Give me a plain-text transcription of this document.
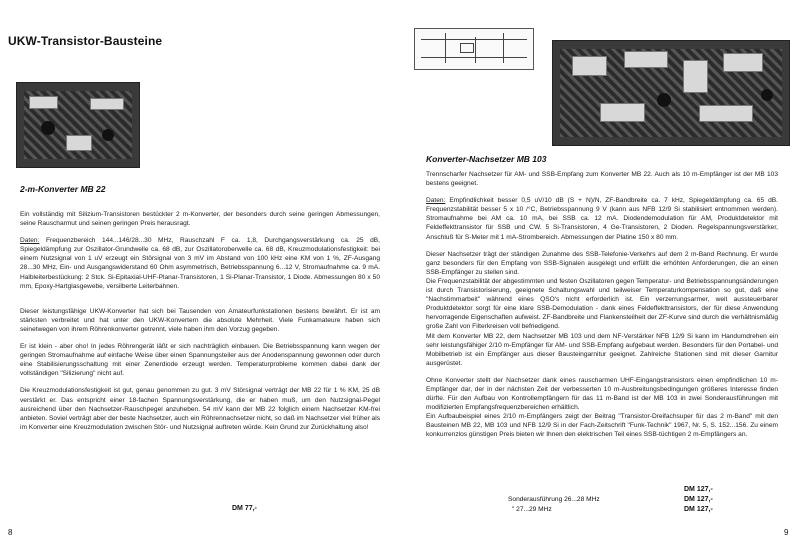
UKW-Transistor-Bausteine
2-m-Konverter MB 22

Ein vollständig mit Silizium-Transistoren bestückter 2 m-Konverter, der besonders durch seine geringen Abmessungen, seine Rauscharmut und seinen geringen Preis herausragt.

Daten: Frequenzbereich 144...146/28...30 MHz, Rauschzahl F ca. 1,8, Durchgangsverstärkung ca. 25 dB, Spiegeldämpfung zur Oszillator-Grundwelle ca. 68 dB, zur Oszillatoroberwelle ca. 68 dB, Kreuzmodulationsfestigkeit: bei einem Nutzsignal von 1 uV erzeugt ein Störsignal von 3 mV im Abstand von 100 kHz eine KM von 1 %, ZF-Ausgang 28...30 MHz, Ein- und Ausgangswiderstand 60 Ohm asymmetrisch, Betriebsspannung 6...12 V, Stromaufnahme ca. 9 mA. Halbleiterbestückung: 2 Stck. Si-Epitaxial-UHF-Planar-Transistoren, 1 Si-Planar-Transistor, 1 Diode. Abmessungen 80 x 50 mm, Epoxy-Hartglasgewebe, versilberte Leiterbahnen.

Dieser leistungsfähige UKW-Konverter hat sich bei Tausenden von Amateurfunkstationen bestens bewährt. Er ist am stärksten verbreitet und hat unter den UKW-Konvertern die absolute Mehrheit. Viele Funkamateure haben sich seinetwegen von ihrem Röhrenkonverter getrennt, viele haben ihm den Vorzug gegeben.

Er ist klein - aber oho! In jedes Röhrengerät läßt er sich nachträglich einbauen. Die Betriebsspannung kann wegen der geringen Stromaufnahme auf einfache Weise über einen Spannungsteiler aus der Anodenspannung gewonnen oder durch eine Stabilisierungsschaltung mit einer Zenerdiode erzeugt werden. Temperaturprobleme kommen dabei dank der vollständigen "Silizierung" nicht auf.

Die Kreuzmodulationsfestigkeit ist gut, genau genommen zu gut. 3 mV Störsignal verträgt der MB 22 für 1 % KM, 25 dB verstärkt er. Das entspricht einer 18-fachen Spannungsverstärkung, die er haben muß, um den Nutzsignal-Pegel ausreichend über den Nachsetzer-Rauschpegel anzuheben. 54 mV kann der MB 22 folglich einem Nachsetzer KM-frei anbieten. Soviel verträgt aber der beste Nachsetzer, auch ein Röhrennachsetzer nicht, so daß im Nachsetzer viel früher als im Konverter eine Kreuzmodulation zwischen Stör- und Nutzsignal auftreten würde. Kein Grund zur Zurückhaltung also!

DM 77,-
8
Konverter-Nachsetzer MB 103

Trennscharfer Nachsetzer für AM- und SSB-Empfang zum Konverter MB 22. Auch als 10 m-Empfänger ist der MB 103 bestens geeignet.

Daten: Empfindlichkeit besser 0,5 uV/10 dB (S + N)/N, ZF-Bandbreite ca. 7 kHz, Spiegeldämpfung ca. 65 dB. Frequenzstabilität besser 5 x 10 /°C, Betriebsspannung 9 V (kann aus NFB 12/9 Si stabilisiert entnommen werden). Stromaufnahme bei AM ca. 10 mA, bei SSB ca. 12 mA. Diodendemodulation für AM, Produktdetektor mit Feldeffekttransistor für SSB und CW. 5 Si-Transistoren, 4 Ge-Transistoren, 2 Dioden. Regelspannungsverstärker, Anschluß für S-Meter mit 1 mA-Strombereich. Abmessungen der Platine 150 x 80 mm.

Dieser Nachsetzer trägt der ständigen Zunahme des SSB-Telefonie-Verkehrs auf dem 2 m-Band Rechnung. Er wurde ganz besonders für den Empfang von SSB-Signalen ausgelegt und erfüllt die erhöhten Anforderungen, die an einen SSB-Empfänger zu stellen sind.

Die Frequenzstabilität der abgestimmten und festen Oszillatoren gegen Temperatur- und Betriebsspannungsänderungen ist durch Transistorisierung, geeignete Schaltungswahl und teilweiser Temperaturkompensation so gut, daß eine "Nachstimmarbeit" während eines QSO's nicht erforderlich ist. Ein verzerrungsarmer, weit aussteuerbarer Produktdetektor sorgt für eine klare SSB-Demodulation - dank eines Feldeffekttransistors, der für diese Anwendung hervorragende Eigenschaften aufweist. ZF-Bandbreite und Flankensteilheit der ZF-Kurve sind durch die verhältnismäßig große Zahl von Filterkreisen voll befriedigend.

Mit dem Konverter MB 22, dem Nachsetzer MB 103 und dem NF-Verstärker NFB 12/9 Si kann im Handumdrehen ein sehr leistungsfähiger 2/10 m-Empfänger für AM- und SSB-Empfang aufgebaut werden. Besonders für den Portabel- und Mobilbetrieb ist ein Empfänger aus dieser Bausteingarnitur geeignet. Zahlreiche Stationen sind mit dieser Garnitur ausgerüstet.

Ohne Konverter stellt der Nachsetzer dank eines rauscharmen UHF-Eingangstransistors einen empfindlichen 10 m-Empfänger dar, der in der nächsten Zeit der verbesserten 10 m-Ausbreitungsbedingungen größeres Interesse finden dürfte. Für den Aufbau von Kontrollempfängern für das 11 m-Band ist der MB 103 in zwei Sonderausführungen mit modifizierten Empfangsfrequenzbereichen erhältlich.

Ein Aufbaubeispiel eines 2/10 m-Empfängers zeigt der Beitrag "Transistor-Dreifachsuper für das 2 m-Band" mit den Bausteinen MB 22, MB 103 und NFB 12/9 Si in der Fach-Zeitschrift "Funk-Technik" 1967, Nr. 5, S. 152...156. Zu einem konkurrenzlos günstigen Preis bieten wir Ihnen den elektrischen Teil eines SSB-tüchtigen 2 m-Empfängers an.

Sonderausführung 26...28 MHz
" 27...29 MHz
DM 127,-
DM 127,-
DM 127,-
9
